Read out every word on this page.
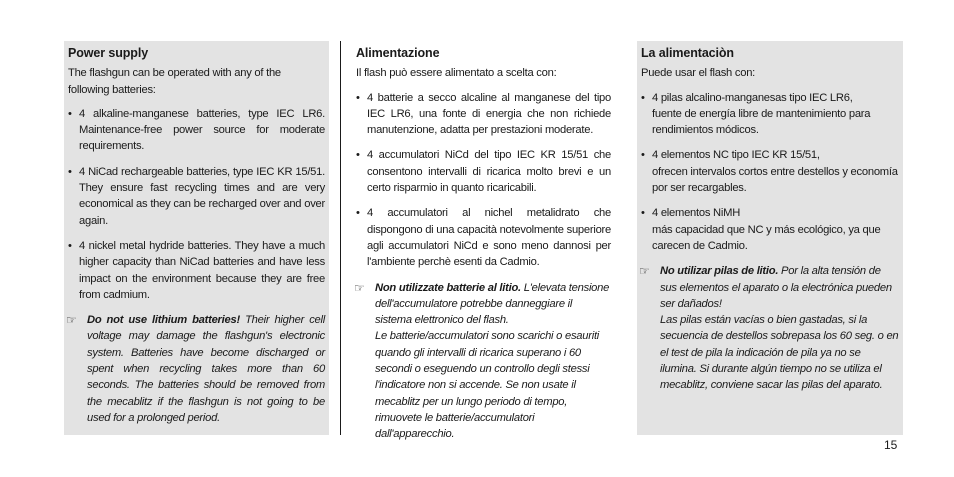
Power supply
The flashgun can be operated with any of the following batteries:
• 4 alkaline-manganese batteries, type IEC LR6. Maintenance-free power source for moderate requirements.
• 4 NiCad rechargeable batteries, type IEC KR 15/51. They ensure fast recycling times and are very economical as they can be recharged over and over again.
• 4 nickel metal hydride batteries. They have a much higher capacity than NiCad batteries and have less impact on the environment because they are free from cadmium.
☞ Do not use lithium batteries! Their higher cell voltage may damage the flashgun's electronic system. Batteries have become discharged or spent when recycling takes more than 60 seconds. The batteries should be removed from the mecablitz if the flashgun is not going to be used for a prolonged period.
Alimentazione
Il flash può essere alimentato a scelta con:
• 4 batterie a secco alcaline al manganese del tipo IEC LR6, una fonte di energia che non richiede manutenzione, adatta per prestazioni moderate.
• 4 accumulatori NiCd del tipo IEC KR 15/51 che consentono intervalli di ricarica molto brevi e un certo risparmio in quanto ricaricabili.
• 4 accumulatori al nichel metalidrato che dispongono di una capacità notevolmente superiore agli accumulatori NiCd e sono meno dannosi per l'ambiente perchè esenti da Cadmio.
☞ Non utilizzate batterie al litio. L'elevata tensione dell'accumulatore potrebbe danneggiare il sistema elettronico del flash.
Le batterie/accumulatori sono scarichi o esauriti quando gli intervalli di ricarica superano i 60 secondi o eseguendo un controllo degli stessi l'indicatore non si accende. Se non usate il mecablitz per un lungo periodo di tempo, rimuovete le batterie/accumulatori dall'apparecchio.
La alimentaciòn
Puede usar el flash con:
• 4 pilas alcalino-manganesas tipo IEC LR6,
fuente de energía libre de mantenimiento para rendimientos módicos.
• 4 elementos NC tipo IEC KR 15/51,
ofrecen intervalos cortos entre destellos y economía por ser recargables.
• 4 elementos NiMH
más capacidad que NC y más ecológico, ya que carecen de Cadmio.
☞ No utilizar pilas de litio. Por la alta tensión de sus elementos el aparato o la electrónica pueden ser dañados!
Las pilas están vacías o bien gastadas, si la secuencia de destellos sobrepasa los 60 seg. o en el test de pila la indicación de pila ya no se ilumina. Si durante algún tiempo no se utiliza el mecablitz, conviene sacar las pilas del aparato.
15
